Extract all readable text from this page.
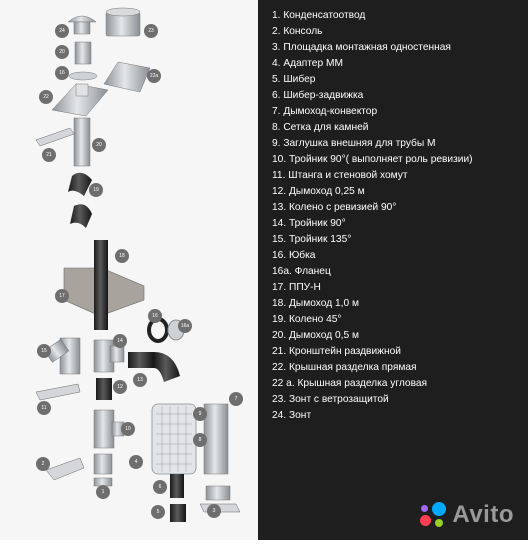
24	23
20
16	22a
22
21
20
19
18
17
16
16a
15
14
13
12
11
10
9
8
7
6
5
4
3
2
1
1. Конденсатоотвод
2. Консоль
3. Площадка монтажная одностенная
4. Адаптер ММ
5. Шибер
6. Шибер-задвижка
7. Дымоход-конвектор
8. Сетка для камней
9. Заглушка внешняя для трубы М
10. Тройник 90°( выполняет роль ревизии)
11. Штанга и стеновой хомут
12. Дымоход 0,25 м
13. Колено с ревизией 90°
14. Тройник 90°
15. Тройник 135°
16. Юбка
16а. Фланец
17. ППУ-Н
18. Дымоход 1,0 м
19. Колено 45°
20. Дымоход 0,5 м
21. Кронштейн раздвижной
22. Крышная разделка прямая
22 а. Крышная разделка угловая
23. Зонт с ветрозащитой
24. Зонт
Avito
